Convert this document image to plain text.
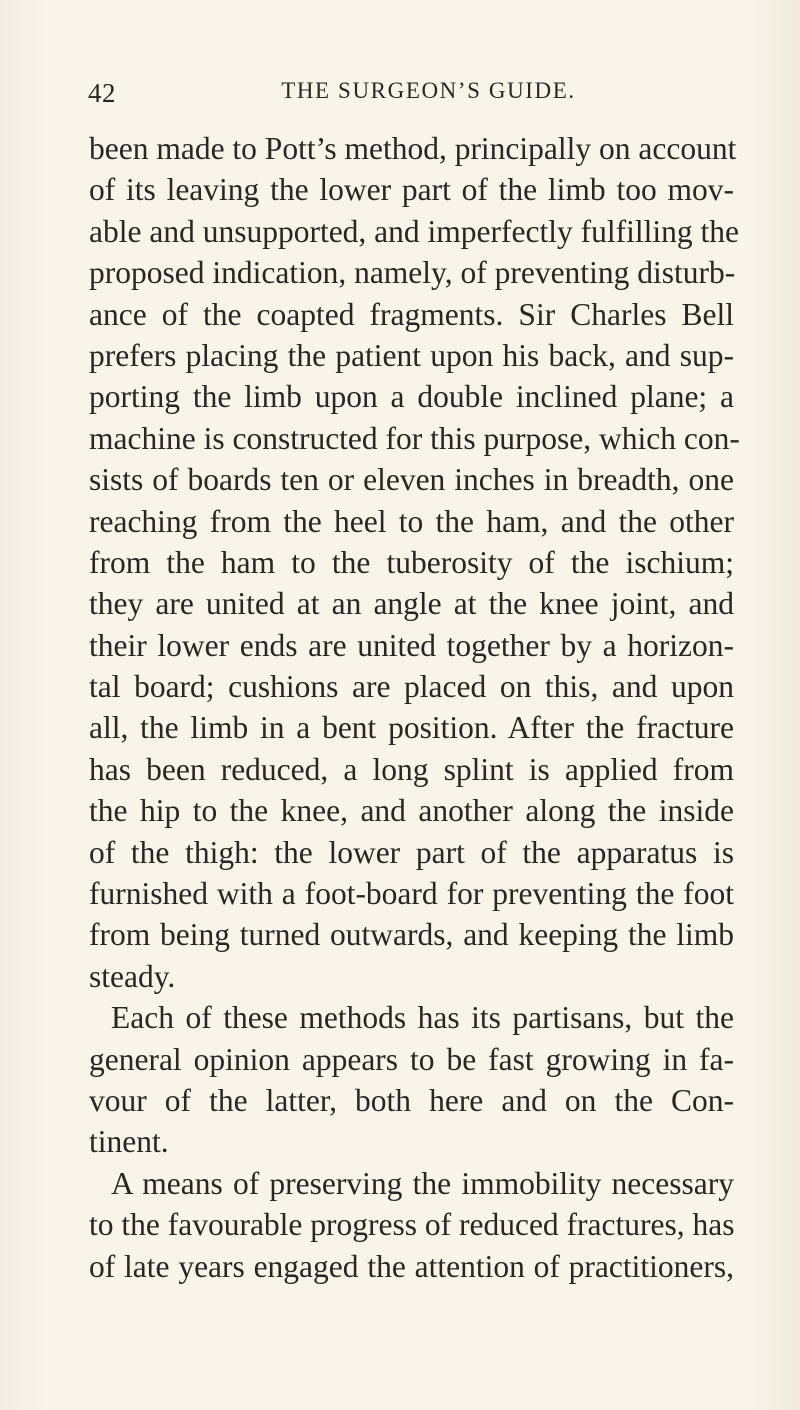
42	THE SURGEON’S GUIDE.
been made to Pott’s method, principally on account
of its leaving the lower part of the limb too mov-
able and unsupported, and imperfectly fulfilling the
proposed indication, namely, of preventing disturb-
ance of the coapted fragments. Sir Charles Bell
prefers placing the patient upon his back, and sup-
porting the limb upon a double inclined plane; a
machine is constructed for this purpose, which con-
sists of boards ten or eleven inches in breadth, one
reaching from the heel to the ham, and the other
from the ham to the tuberosity of the ischium;
they are united at an angle at the knee joint, and
their lower ends are united together by a horizon-
tal board; cushions are placed on this, and upon
all, the limb in a bent position. After the fracture
has been reduced, a long splint is applied from
the hip to the knee, and another along the inside
of the thigh: the lower part of the apparatus is
furnished with a foot-board for preventing the foot
from being turned outwards, and keeping the limb
steady.
Each of these methods has its partisans, but the
general opinion appears to be fast growing in fa-
vour of the latter, both here and on the Con-
tinent.
A means of preserving the immobility necessary
to the favourable progress of reduced fractures, has
of late years engaged the attention of practitioners,
